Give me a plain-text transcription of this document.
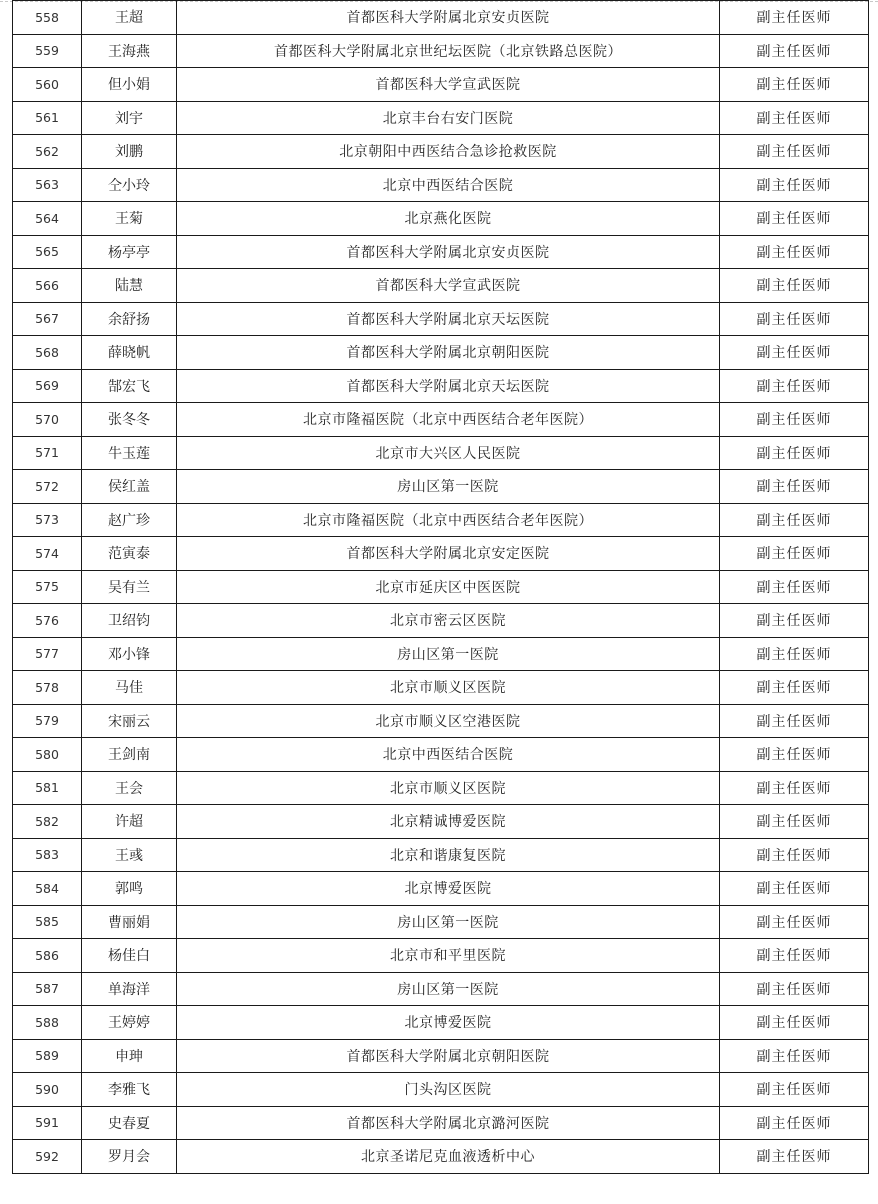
558	王超	首都医科大学附属北京安贞医院	副主任医师
559	王海燕	首都医科大学附属北京世纪坛医院（北京铁路总医院）	副主任医师
560	但小娟	首都医科大学宣武医院	副主任医师
561	刘宇	北京丰台右安门医院	副主任医师
562	刘鹏	北京朝阳中西医结合急诊抢救医院	副主任医师
563	仝小玲	北京中西医结合医院	副主任医师
564	王菊	北京燕化医院	副主任医师
565	杨亭亭	首都医科大学附属北京安贞医院	副主任医师
566	陆慧	首都医科大学宣武医院	副主任医师
567	余舒扬	首都医科大学附属北京天坛医院	副主任医师
568	薛晓帆	首都医科大学附属北京朝阳医院	副主任医师
569	郜宏飞	首都医科大学附属北京天坛医院	副主任医师
570	张冬冬	北京市隆福医院（北京中西医结合老年医院）	副主任医师
571	牛玉莲	北京市大兴区人民医院	副主任医师
572	侯红盖	房山区第一医院	副主任医师
573	赵广珍	北京市隆福医院（北京中西医结合老年医院）	副主任医师
574	范寅泰	首都医科大学附属北京安定医院	副主任医师
575	吴有兰	北京市延庆区中医医院	副主任医师
576	卫绍钧	北京市密云区医院	副主任医师
577	邓小锋	房山区第一医院	副主任医师
578	马佳	北京市顺义区医院	副主任医师
579	宋丽云	北京市顺义区空港医院	副主任医师
580	王剑南	北京中西医结合医院	副主任医师
581	王会	北京市顺义区医院	副主任医师
582	许超	北京精诚博爱医院	副主任医师
583	王彧	北京和谐康复医院	副主任医师
584	郭鸣	北京博爱医院	副主任医师
585	曹丽娟	房山区第一医院	副主任医师
586	杨佳白	北京市和平里医院	副主任医师
587	单海洋	房山区第一医院	副主任医师
588	王婷婷	北京博爱医院	副主任医师
589	申珅	首都医科大学附属北京朝阳医院	副主任医师
590	李雅飞	门头沟区医院	副主任医师
591	史春夏	首都医科大学附属北京潞河医院	副主任医师
592	罗月会	北京圣诺尼克血液透析中心	副主任医师
